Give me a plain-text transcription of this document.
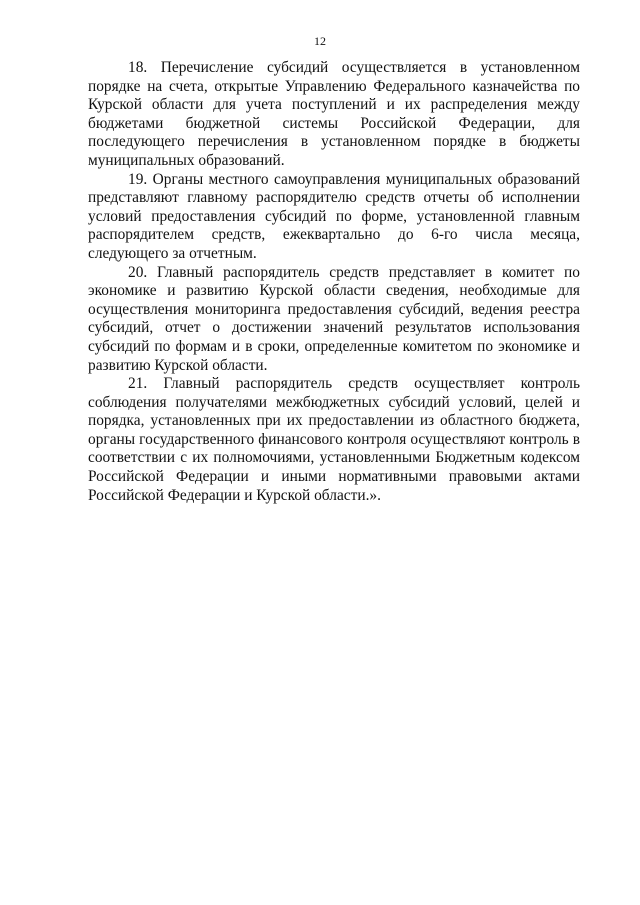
12

18. Перечисление субсидий осуществляется в установленном порядке на счета, открытые Управлению Федерального казначейства по Курской области для учета поступлений и их распределения между бюджетами бюджетной системы Российской Федерации, для последующего перечисления в установленном порядке в бюджеты муниципальных образований.

19. Органы местного самоуправления муниципальных образований представляют главному распорядителю средств отчеты об исполнении условий предоставления субсидий по форме, установленной главным распорядителем средств, ежеквартально до 6-го числа месяца, следующего за отчетным.

20. Главный распорядитель средств представляет в комитет по экономике и развитию Курской области сведения, необходимые для осуществления мониторинга предоставления субсидий, ведения реестра субсидий, отчет о достижении значений результатов использования субсидий по формам и в сроки, определенные комитетом по экономике и развитию Курской области.

21. Главный распорядитель средств осуществляет контроль соблюдения получателями межбюджетных субсидий условий, целей и порядка, установленных при их предоставлении из областного бюджета, органы государственного финансового контроля осуществляют контроль в соответствии с их полномочиями, установленными Бюджетным кодексом Российской Федерации и иными нормативными правовыми актами Российской Федерации и Курской области.».
